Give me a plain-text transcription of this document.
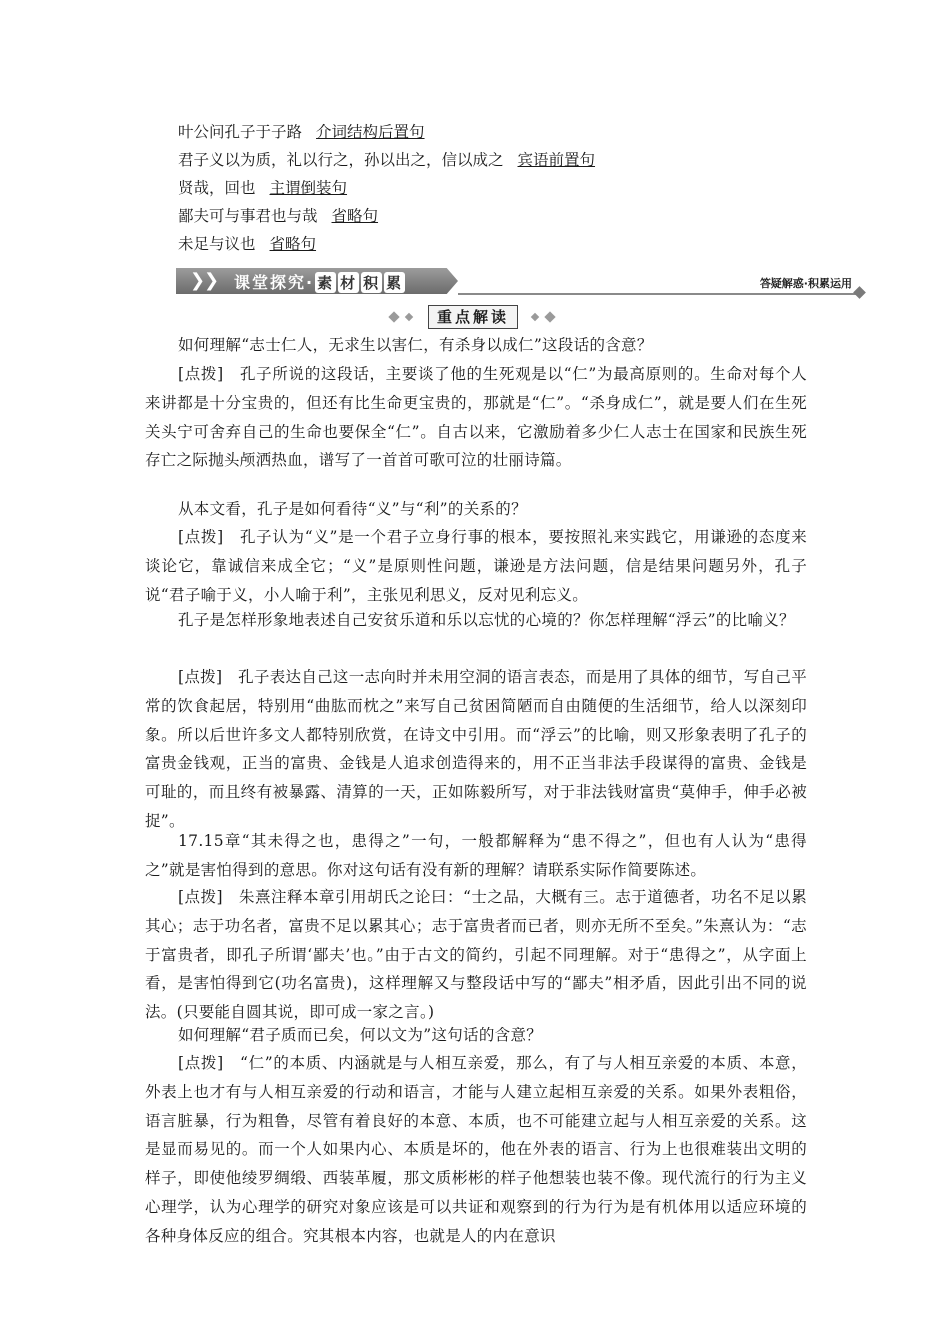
叶公问孔子于子路 介词结构后置句
君子义以为质，礼以行之，孙以出之，信以成之 宾语前置句
贤哉，回也 主谓倒装句
鄙夫可与事君也与哉 省略句
未足与议也 省略句
❯
❯ 课堂探究· 素 材 积 累	答疑解惑·积累运用
重点解读

如何理解“志士仁人，无求生以害仁，有杀身以成仁”这段话的含意？

[点拨]　孔子所说的这段话，主要谈了他的生死观是以“仁”为最高原则的。生命对每个人来讲都是十分宝贵的，但还有比生命更宝贵的，那就是“仁”。“杀身成仁”，就是要人们在生死关头宁可舍弃自己的生命也要保全“仁”。自古以来，它激励着多少仁人志士在国家和民族生死存亡之际抛头颅洒热血，谱写了一首首可歌可泣的壮丽诗篇。

从本文看，孔子是如何看待“义”与“利”的关系的？

[点拨]　孔子认为“义”是一个君子立身行事的根本，要按照礼来实践它，用谦逊的态度来谈论它，靠诚信来成全它；“义”是原则性问题，谦逊是方法问题，信是结果问题另外，孔子说“君子喻于义，小人喻于利”，主张见利思义，反对见利忘义。

孔子是怎样形象地表述自己安贫乐道和乐以忘忧的心境的？你怎样理解“浮云”的比喻义？

[点拨]　孔子表达自己这一志向时并未用空洞的语言表态，而是用了具体的细节，写自己平常的饮食起居，特别用“曲肱而枕之”来写自己贫困简陋而自由随便的生活细节，给人以深刻印象。所以后世许多文人都特别欣赏，在诗文中引用。而“浮云”的比喻，则又形象表明了孔子的富贵金钱观，正当的富贵、金钱是人追求创造得来的，用不正当非法手段谋得的富贵、金钱是可耻的，而且终有被暴露、清算的一天，正如陈毅所写，对于非法钱财富贵“莫伸手，伸手必被捉”。

17.15章“其未得之也，患得之”一句，一般都解释为“患不得之”，但也有人认为“患得之”就是害怕得到的意思。你对这句话有没有新的理解？请联系实际作简要陈述。

[点拨]　朱熹注释本章引用胡氏之论曰：“士之品，大概有三。志于道德者，功名不足以累其心；志于功名者，富贵不足以累其心；志于富贵者而已者，则亦无所不至矣。”朱熹认为：“志于富贵者，即孔子所谓‘鄙夫’也。”由于古文的简约，引起不同理解。对于“患得之”，从字面上看，是害怕得到它(功名富贵)，这样理解又与整段话中写的“鄙夫”相矛盾，因此引出不同的说法。(只要能自圆其说，即可成一家之言。)

如何理解“君子质而已矣，何以文为”这句话的含意？

[点拨]　“仁”的本质、内涵就是与人相互亲爱，那么，有了与人相互亲爱的本质、本意，外表上也才有与人相互亲爱的行动和语言，才能与人建立起相互亲爱的关系。如果外表粗俗，语言脏暴，行为粗鲁，尽管有着良好的本意、本质，也不可能建立起与人相互亲爱的关系。这是显而易见的。而一个人如果内心、本质是坏的，他在外表的语言、行为上也很难装出文明的样子，即使他绫罗绸缎、西装革履，那文质彬彬的样子他想装也装不像。现代流行的行为主义心理学，认为心理学的研究对象应该是可以共证和观察到的行为行为是有机体用以适应环境的各种身体反应的组合。究其根本内容，也就是人的内在意识
